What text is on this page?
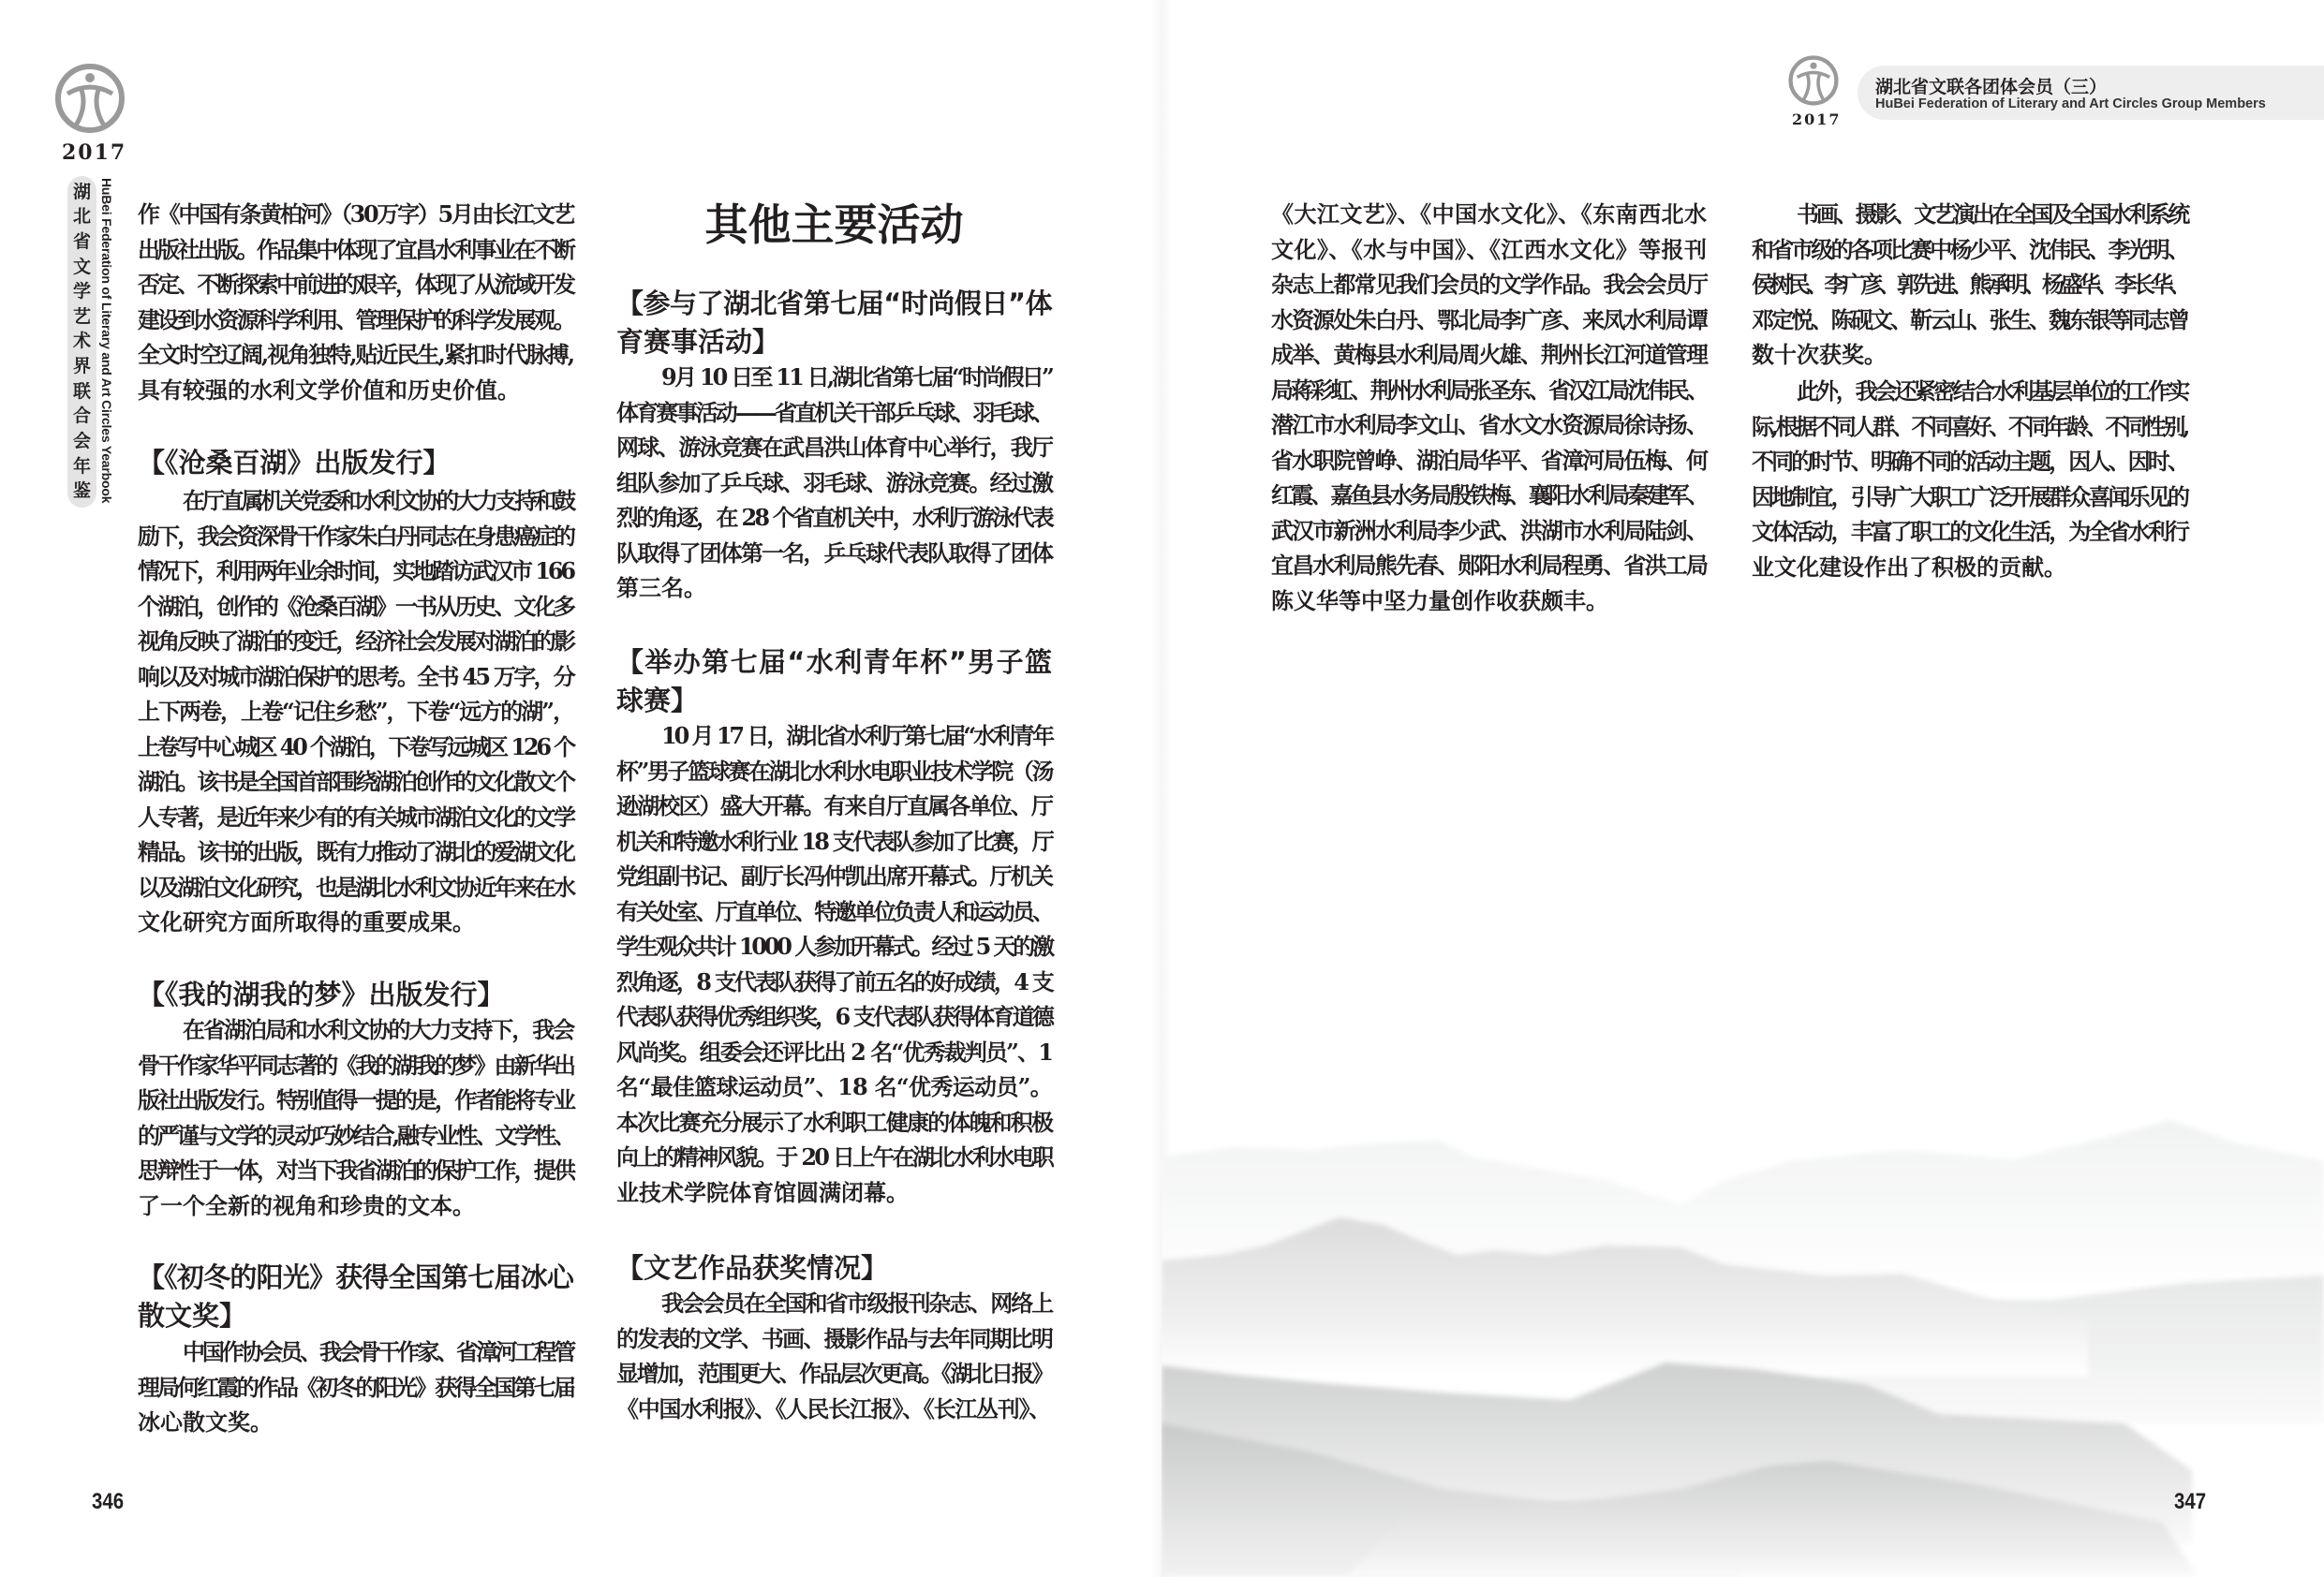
2017
湖
北
省
文
学
艺
术
界
联
合
会
年
鉴 HuBei Federation of Literary and Art Circles Yearbook 作《中国有条黄柏河》（30万字）5月由长江文艺
出版社出版。作品集中体现了宜昌水利事业在不断
否定、不断探索中前进的艰辛，体现了从流域开发
建设到水资源科学利用、管理保护的科学发展观。
全文时空辽阔,视角独特,贴近民生,紧扣时代脉搏,
具有较强的水利文学价值和历史价值。
【《沧桑百湖》出版发行】
在厅直属机关党委和水利文协的大力支持和鼓
励下，我会资深骨干作家朱白丹同志在身患癌症的
情况下，利用两年业余时间，实地踏访武汉市 166
个湖泊，创作的《沧桑百湖》一书从历史、文化多
视角反映了湖泊的变迁，经济社会发展对湖泊的影
响以及对城市湖泊保护的思考。全书 45 万字，分
上下两卷，上卷“记住乡愁”，下卷“远方的湖”，
上卷写中心城区 40 个湖泊，下卷写远城区 126 个
湖泊。该书是全国首部围绕湖泊创作的文化散文个
人专著，是近年来少有的有关城市湖泊文化的文学
精品。该书的出版，既有力推动了湖北的爱湖文化
以及湖泊文化研究，也是湖北水利文协近年来在水
文化研究方面所取得的重要成果。
【《我的湖我的梦》出版发行】
在省湖泊局和水利文协的大力支持下，我会
骨干作家华平同志著的《我的湖我的梦》由新华出
版社出版发行。特别值得一提的是，作者能将专业
的严谨与文学的灵动巧妙结合,融专业性、文学性、
思辩性于一体，对当下我省湖泊的保护工作，提供
了一个全新的视角和珍贵的文本。
【《初冬的阳光》获得全国第七届冰心
散文奖】
中国作协会员、我会骨干作家、省漳河工程管
理局何红霞的作品《初冬的阳光》获得全国第七届
冰心散文奖。
其他主要活动
【参与了湖北省第七届“时尚假日”体
育赛事活动】
9月 10 日至 11 日,湖北省第七届“时尚假日”
体育赛事活动——省直机关干部乒乓球、羽毛球、
网球、游泳竞赛在武昌洪山体育中心举行，我厅
组队参加了乒乓球、羽毛球、游泳竞赛。经过激
烈的角逐，在 28 个省直机关中，水利厅游泳代表
队取得了团体第一名，乒乓球代表队取得了团体
第三名。
【举办第七届“水利青年杯”男子篮
球赛】
10 月 17 日，湖北省水利厅第七届“水利青年
杯”男子篮球赛在湖北水利水电职业技术学院（汤
逊湖校区）盛大开幕。有来自厅直属各单位、厅
机关和特邀水利行业 18 支代表队参加了比赛，厅
党组副书记、副厅长冯仲凯出席开幕式。厅机关
有关处室、厅直单位、特邀单位负责人和运动员、
学生观众共计 1000 人参加开幕式。经过 5 天的激
烈角逐，8 支代表队获得了前五名的好成绩，4 支
代表队获得优秀组织奖，6 支代表队获得体育道德
风尚奖。组委会还评比出 2 名“优秀裁判员”、1
名“最佳篮球运动员”、18 名“优秀运动员”。
本次比赛充分展示了水利职工健康的体魄和积极
向上的精神风貌。于 20 日上午在湖北水利水电职
业技术学院体育馆圆满闭幕。
【文艺作品获奖情况】
我会会员在全国和省市级报刊杂志、网络上
的发表的文学、书画、摄影作品与去年同期比明
显增加，范围更大、作品层次更高。《湖北日报》
《中国水利报》、《人民长江报》、《长江丛刊》、
346
2017
湖北省文联各团体会员（三）
HuBei Federation of Literary and Art Circles Group Members
《大江文艺》、《中国水文化》、《东南西北水
文化》、《水与中国》、《江西水文化》等报刊
杂志上都常见我们会员的文学作品。我会会员厅
水资源处朱白丹、鄂北局李广彦、来凤水利局谭
成举、黄梅县水利局周火雄、荆州长江河道管理
局蒋彩虹、荆州水利局张圣东、省汉江局沈伟民、
潜江市水利局李文山、省水文水资源局徐诗扬、
省水职院曾峥、湖泊局华平、省漳河局伍梅、何
红霞、嘉鱼县水务局殷铁梅、襄阳水利局秦建军、
武汉市新洲水利局李少武、洪湖市水利局陆剑、
宜昌水利局熊先春、郧阳水利局程勇、省洪工局
陈义华等中坚力量创作收获颇丰。
书画、摄影、文艺演出在全国及全国水利系统
和省市级的各项比赛中杨少平、沈伟民、李光明、
侯树民、李广彦、郭先进、熊承明、杨盛华、李长华、
邓定悦、陈砚文、靳云山、张生、魏东银等同志曾
数十次获奖。
此外，我会还紧密结合水利基层单位的工作实
际,根据不同人群、不同喜好、不同年龄、不同性别,
不同的时节、明确不同的活动主题，因人、因时、
因地制宜，引导广大职工广泛开展群众喜闻乐见的
文体活动，丰富了职工的文化生活，为全省水利行
业文化建设作出了积极的贡献。
347
